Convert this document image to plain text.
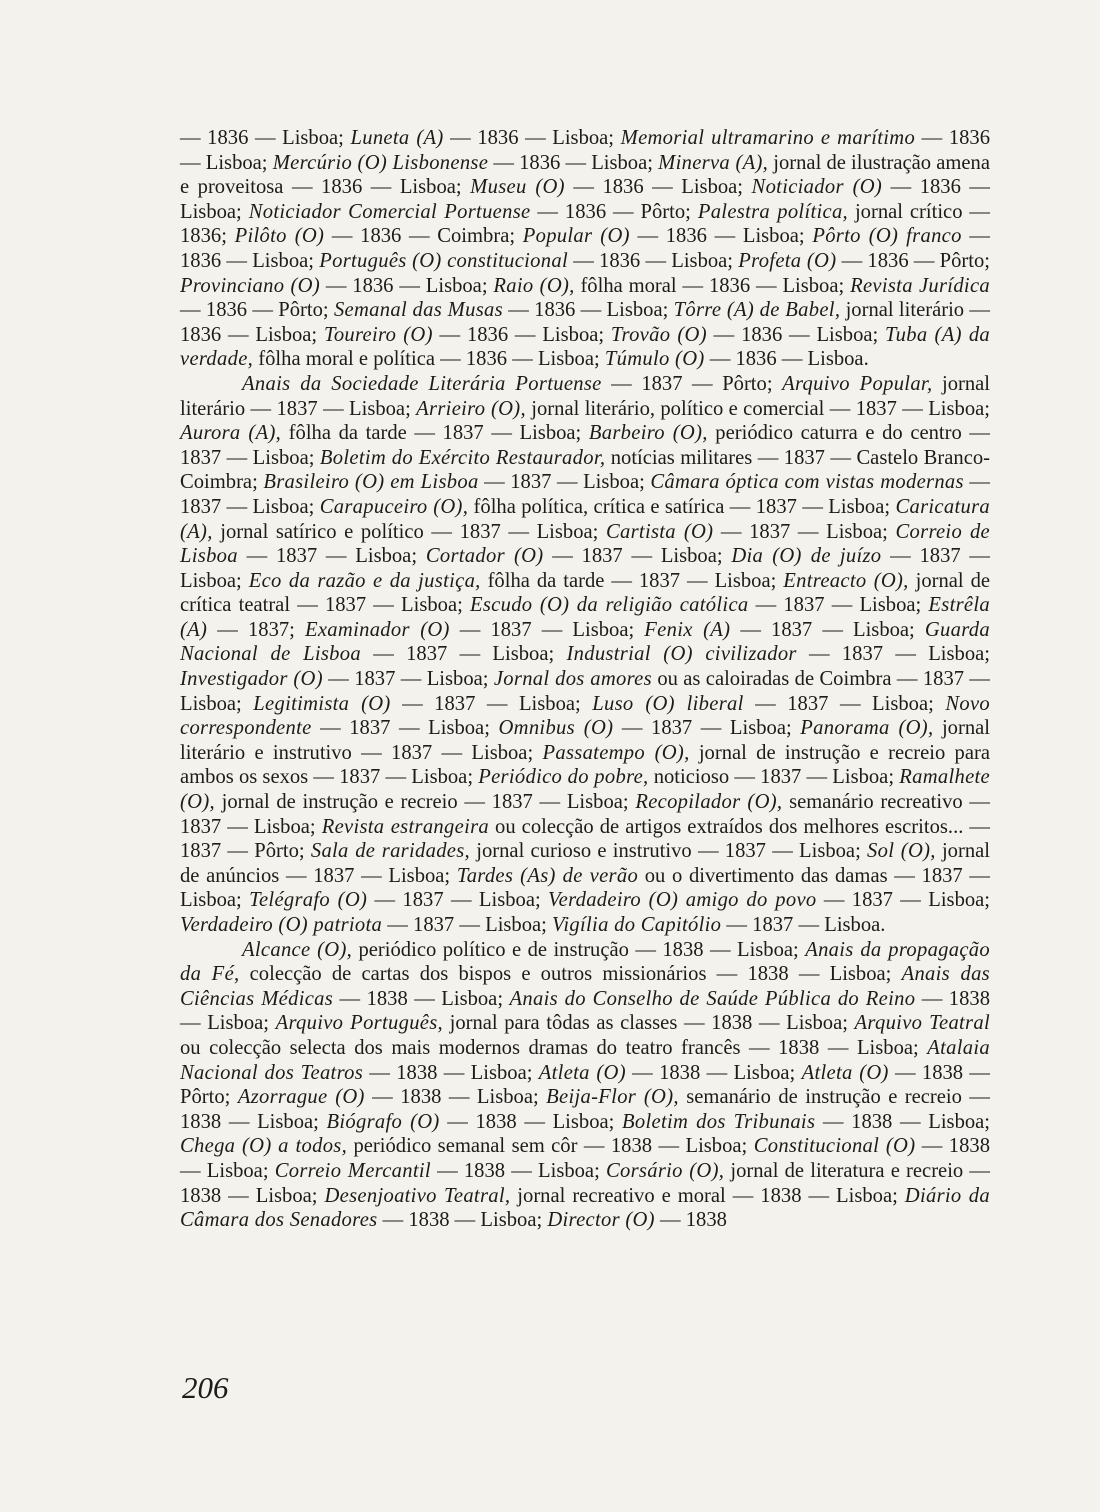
— 1836 — Lisboa; Luneta (A) — 1836 — Lisboa; Memorial ultramarino e marítimo — 1836 — Lisboa; Mercúrio (O) Lisbonense — 1836 — Lisboa; Minerva (A), jornal de ilustração amena e proveitosa — 1836 — Lisboa; Museu (O) — 1836 — Lisboa; Noticiador (O) — 1836 — Lisboa; Noticiador Comercial Portuense — 1836 — Pôrto; Palestra política, jornal crítico — 1836; Pilôto (O) — 1836 — Coimbra; Popular (O) — 1836 — Lisboa; Pôrto (O) franco — 1836 — Lisboa; Português (O) constitucional — 1836 — Lisboa; Profeta (O) — 1836 — Pôrto; Provinciano (O) — 1836 — Lisboa; Raio (O), fôlha moral — 1836 — Lisboa; Revista Jurídica — 1836 — Pôrto; Semanal das Musas — 1836 — Lisboa; Tôrre (A) de Babel, jornal literário — 1836 — Lisboa; Toureiro (O) — 1836 — Lisboa; Trovão (O) — 1836 — Lisboa; Tuba (A) da verdade, fôlha moral e política — 1836 — Lisboa; Túmulo (O) — 1836 — Lisboa.

Anais da Sociedade Literária Portuense — 1837 — Pôrto; Arquivo Popular, jornal literário — 1837 — Lisboa; Arrieiro (O), jornal literário, político e comercial — 1837 — Lisboa; Aurora (A), fôlha da tarde — 1837 — Lisboa; Barbeiro (O), periódico caturra e do centro — 1837 — Lisboa; Boletim do Exército Restaurador, notícias militares — 1837 — Castelo Branco-Coimbra; Brasileiro (O) em Lisboa — 1837 — Lisboa; Câmara óptica com vistas modernas — 1837 — Lisboa; Carapuceiro (O), fôlha política, crítica e satírica — 1837 — Lisboa; Caricatura (A), jornal satírico e político — 1837 — Lisboa; Cartista (O) — 1837 — Lisboa; Correio de Lisboa — 1837 — Lisboa; Cortador (O) — 1837 — Lisboa; Dia (O) de juízo — 1837 — Lisboa; Eco da razão e da justiça, fôlha da tarde — 1837 — Lisboa; Entreacto (O), jornal de crítica teatral — 1837 — Lisboa; Escudo (O) da religião católica — 1837 — Lisboa; Estrêla (A) — 1837; Examinador (O) — 1837 — Lisboa; Fenix (A) — 1837 — Lisboa; Guarda Nacional de Lisboa — 1837 — Lisboa; Industrial (O) civilizador — 1837 — Lisboa; Investigador (O) — 1837 — Lisboa; Jornal dos amores ou as caloiradas de Coimbra — 1837 — Lisboa; Legitimista (O) — 1837 — Lisboa; Luso (O) liberal — 1837 — Lisboa; Novo correspondente — 1837 — Lisboa; Omnibus (O) — 1837 — Lisboa; Panorama (O), jornal literário e instrutivo — 1837 — Lisboa; Passatempo (O), jornal de instrução e recreio para ambos os sexos — 1837 — Lisboa; Periódico do pobre, noticioso — 1837 — Lisboa; Ramalhete (O), jornal de instrução e recreio — 1837 — Lisboa; Recopilador (O), semanário recreativo — 1837 — Lisboa; Revista estrangeira ou colecção de artigos extraídos dos melhores escritos... — 1837 — Pôrto; Sala de raridades, jornal curioso e instrutivo — 1837 — Lisboa; Sol (O), jornal de anúncios — 1837 — Lisboa; Tardes (As) de verão ou o divertimento das damas — 1837 — Lisboa; Telégrafo (O) — 1837 — Lisboa; Verdadeiro (O) amigo do povo — 1837 — Lisboa; Verdadeiro (O) patriota — 1837 — Lisboa; Vigília do Capitólio — 1837 — Lisboa.

Alcance (O), periódico político e de instrução — 1838 — Lisboa; Anais da propagação da Fé, colecção de cartas dos bispos e outros missionários — 1838 — Lisboa; Anais das Ciências Médicas — 1838 — Lisboa; Anais do Conselho de Saúde Pública do Reino — 1838 — Lisboa; Arquivo Português, jornal para tôdas as classes — 1838 — Lisboa; Arquivo Teatral ou colecção selecta dos mais modernos dramas do teatro francês — 1838 — Lisboa; Atalaia Nacional dos Teatros — 1838 — Lisboa; Atleta (O) — 1838 — Lisboa; Atleta (O) — 1838 — Pôrto; Azorrague (O) — 1838 — Lisboa; Beija-Flor (O), semanário de instrução e recreio — 1838 — Lisboa; Biógrafo (O) — 1838 — Lisboa; Boletim dos Tribunais — 1838 — Lisboa; Chega (O) a todos, periódico semanal sem côr — 1838 — Lisboa; Constitucional (O) — 1838 — Lisboa; Correio Mercantil — 1838 — Lisboa; Corsário (O), jornal de literatura e recreio — 1838 — Lisboa; Desenjoativo Teatral, jornal recreativo e moral — 1838 — Lisboa; Diário da Câmara dos Senadores — 1838 — Lisboa; Director (O) — 1838

206
